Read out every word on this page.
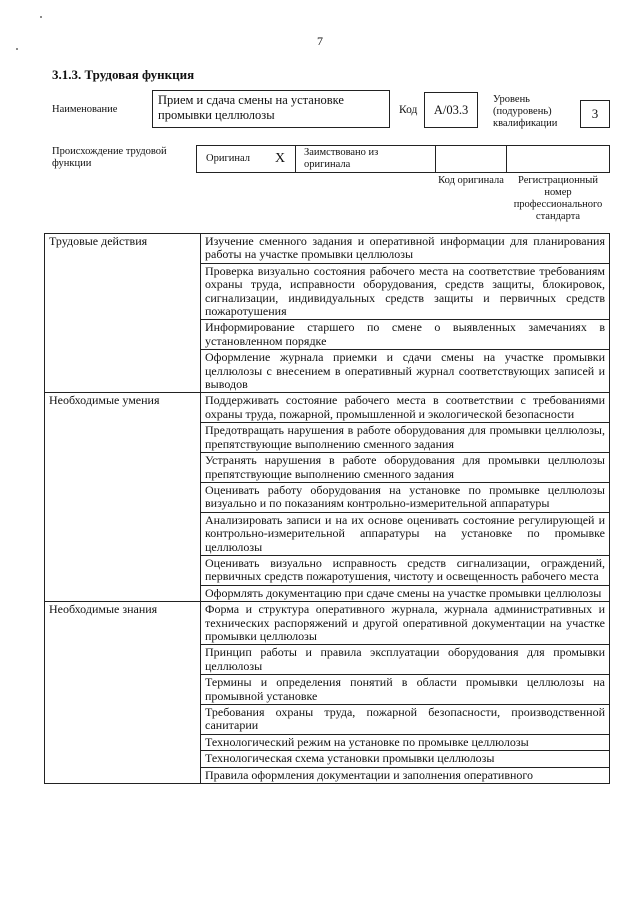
7
3.1.3. Трудовая функция
Наименование
Прием и сдача смены на установке промывки целлюлозы	Код	А/03.3
Уровень (подуровень) квалификации
3
Происхождение трудовой функции	Оригинал X Заимствовано из оригинала
Код оригинала	Регистрационный номер профессионального стандарта
Трудовые действия	Изучение сменного задания и оперативной информации для планирования работы на участке промывки целлюлозы
	Проверка визуально состояния рабочего места на соответствие требованиям охраны труда, исправности оборудования, средств защиты, блокировок, сигнализации, индивидуальных средств защиты и первичных средств пожаротушения
	Информирование старшего по смене о выявленных замечаниях в установленном порядке
	Оформление журнала приемки и сдачи смены на участке промывки целлюлозы с внесением в оперативный журнал соответствующих записей и выводов
Необходимые умения	Поддерживать состояние рабочего места в соответствии с требованиями охраны труда, пожарной, промышленной и экологической безопасности
	Предотвращать нарушения в работе оборудования для промывки целлюлозы, препятствующие выполнению сменного задания
	Устранять нарушения в работе оборудования для промывки целлюлозы препятствующие выполнению сменного задания
	Оценивать работу оборудования на установке по промывке целлюлозы визуально и по показаниям контрольно-измерительной аппаратуры
	Анализировать записи и на их основе оценивать состояние регулирующей и контрольно-измерительной аппаратуры на установке по промывке целлюлозы
	Оценивать визуально исправность средств сигнализации, ограждений, первичных средств пожаротушения, чистоту и освещенность рабочего места
	Оформлять документацию при сдаче смены на участке промывки целлюлозы
Необходимые знания	Форма и структура оперативного журнала, журнала административных и технических распоряжений и другой оперативной документации на участке промывки целлюлозы
	Принцип работы и правила эксплуатации оборудования для промывки целлюлозы
	Термины и определения понятий в области промывки целлюлозы на промывной установке
	Требования охраны труда, пожарной безопасности, производственной санитарии
	Технологический режим на установке по промывке целлюлозы
	Технологическая схема установки промывки целлюлозы
	Правила оформления документации и заполнения оперативного
